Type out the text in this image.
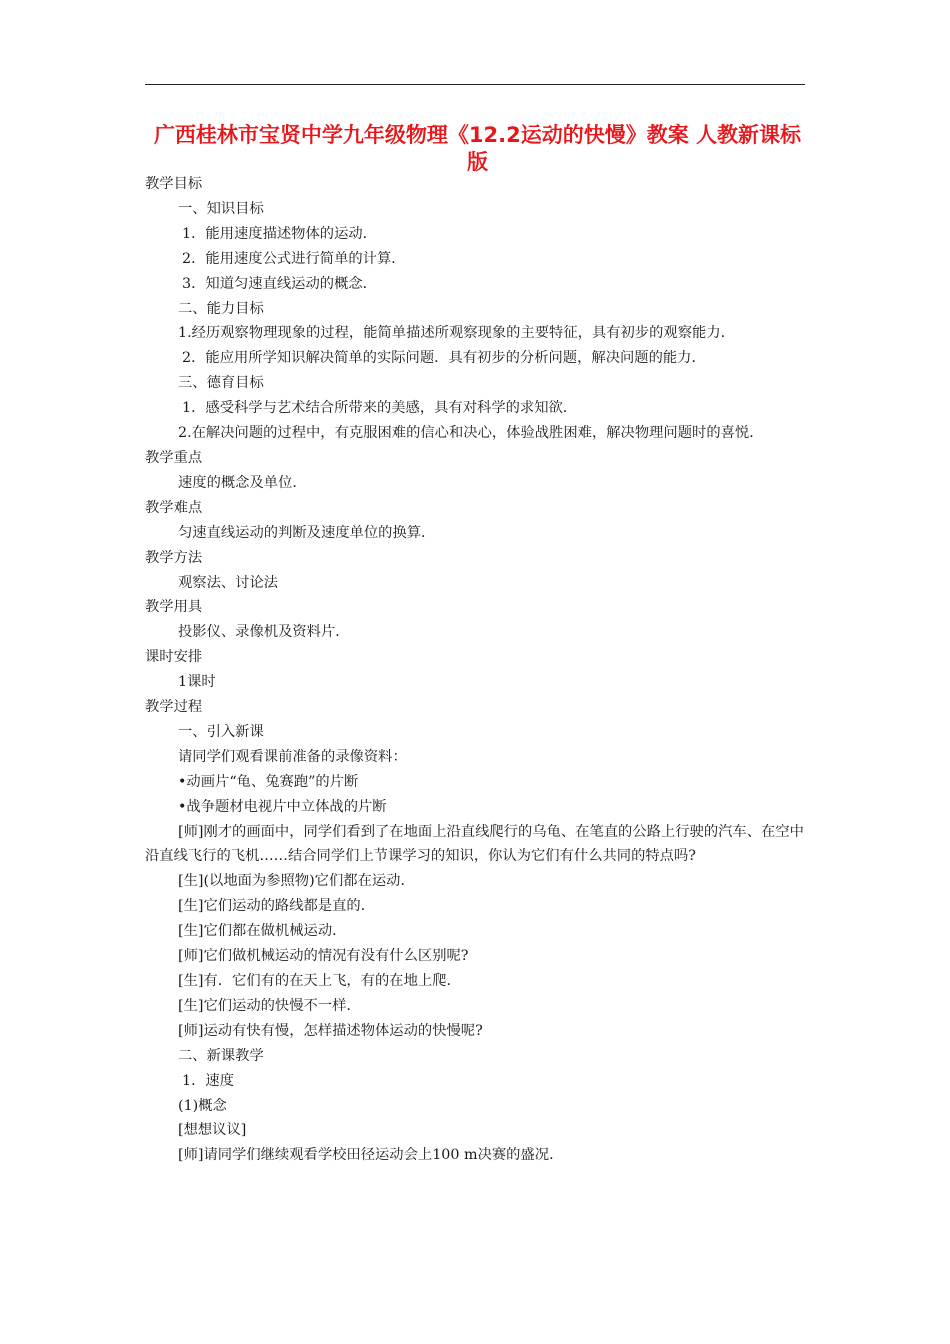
广西桂林市宝贤中学九年级物理《12.2运动的快慢》教案 人教新课标版
教学目标
一、知识目标
1．能用速度描述物体的运动．
2．能用速度公式进行简单的计算．
3．知道匀速直线运动的概念．
二、能力目标
1.经历观察物理现象的过程，能简单描述所观察现象的主要特征，具有初步的观察能力．
2．能应用所学知识解决简单的实际问题．具有初步的分析问题，解决问题的能力．
三、德育目标
1．感受科学与艺术结合所带来的美感，具有对科学的求知欲．
2.在解决问题的过程中，有克服困难的信心和决心，体验战胜困难，解决物理问题时的喜悦．
教学重点
速度的概念及单位．
教学难点
匀速直线运动的判断及速度单位的换算．
教学方法
观察法、讨论法
教学用具
投影仪、录像机及资料片．
课时安排
1课时
教学过程
一、引入新课
请同学们观看课前准备的录像资料：
•动画片“龟、兔赛跑”的片断
•战争题材电视片中立体战的片断
[师]刚才的画面中，同学们看到了在地面上沿直线爬行的乌龟、在笔直的公路上行驶的汽车、在空中沿直线飞行的飞机……结合同学们上节课学习的知识，你认为它们有什么共同的特点吗?
[生](以地面为参照物)它们都在运动．
[生]它们运动的路线都是直的．
[生]它们都在做机械运动．
[师]它们做机械运动的情况有没有什么区别呢?
[生]有．它们有的在天上飞，有的在地上爬．
[生]它们运动的快慢不一样．
[师]运动有快有慢，怎样描述物体运动的快慢呢?
二、新课教学
1．速度
(1)概念
[想想议议]
[师]请同学们继续观看学校田径运动会上100 m决赛的盛况．
